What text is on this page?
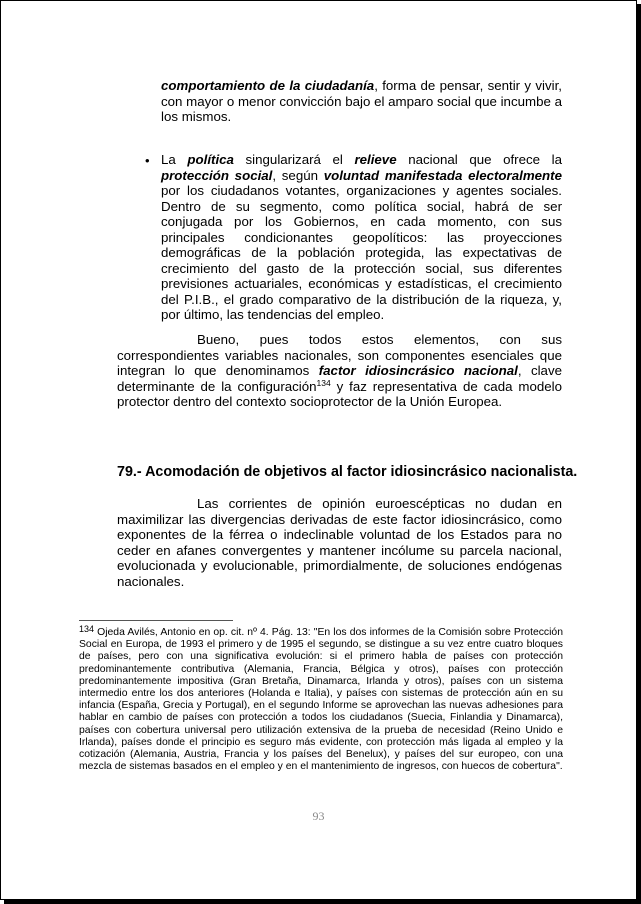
comportamiento de la ciudadanía, forma de pensar, sentir y vivir, con mayor o menor convicción bajo el amparo social que incumbe a los mismos.

• La política singularizará el relieve nacional que ofrece la protección social, según voluntad manifestada electoralmente por los ciudadanos votantes, organizaciones y agentes sociales. Dentro de su segmento, como política social, habrá de ser conjugada por los Gobiernos, en cada momento, con sus principales condicionantes geopolíticos: las proyecciones demográficas de la población protegida, las expectativas de crecimiento del gasto de la protección social, sus diferentes previsiones actuariales, económicas y estadísticas, el crecimiento del P.I.B., el grado comparativo de la distribución de la riqueza, y, por último, las tendencias del empleo.

Bueno, pues todos estos elementos, con sus correspondientes variables nacionales, son componentes esenciales que integran lo que denominamos factor idiosincrásico nacional, clave determinante de la configuración$^{134}$ y faz representativa de cada modelo protector dentro del contexto socioprotector de la Unión Europea.

79.- Acomodación de objetivos al factor idiosincrásico nacionalista.

Las corrientes de opinión euroescépticas no dudan en maximilizar las divergencias derivadas de este factor idiosincrásico, como exponentes de la férrea o indeclinable voluntad de los Estados para no ceder en afanes convergentes y mantener incólume su parcela nacional, evolucionada y evolucionable, primordialmente, de soluciones endógenas nacionales.

$^{134}$ Ojeda Avilés, Antonio en op. cit. nº 4. Pág. 13: "En los dos informes de la Comisión sobre Protección Social en Europa, de 1993 el primero y de 1995 el segundo, se distingue a su vez entre cuatro bloques de países, pero con una significativa evolución: si el primero habla de países con protección predominantemente contributiva (Alemania, Francia, Bélgica y otros), países con protección predominantemente impositiva (Gran Bretaña, Dinamarca, Irlanda y otros), países con un sistema intermedio entre los dos anteriores (Holanda e Italia), y países con sistemas de protección aún en su infancia (España, Grecia y Portugal), en el segundo Informe se aprovechan las nuevas adhesiones para hablar en cambio de países con protección a todos los ciudadanos (Suecia, Finlandia y Dinamarca), países con cobertura universal pero utilización extensiva de la prueba de necesidad (Reino Unido e Irlanda), países donde el principio es seguro más evidente, con protección más ligada al empleo y la cotización (Alemania, Austria, Francia y los países del Benelux), y países del sur europeo, con una mezcla de sistemas basados en el empleo y en el mantenimiento de ingresos, con huecos de cobertura".
93
